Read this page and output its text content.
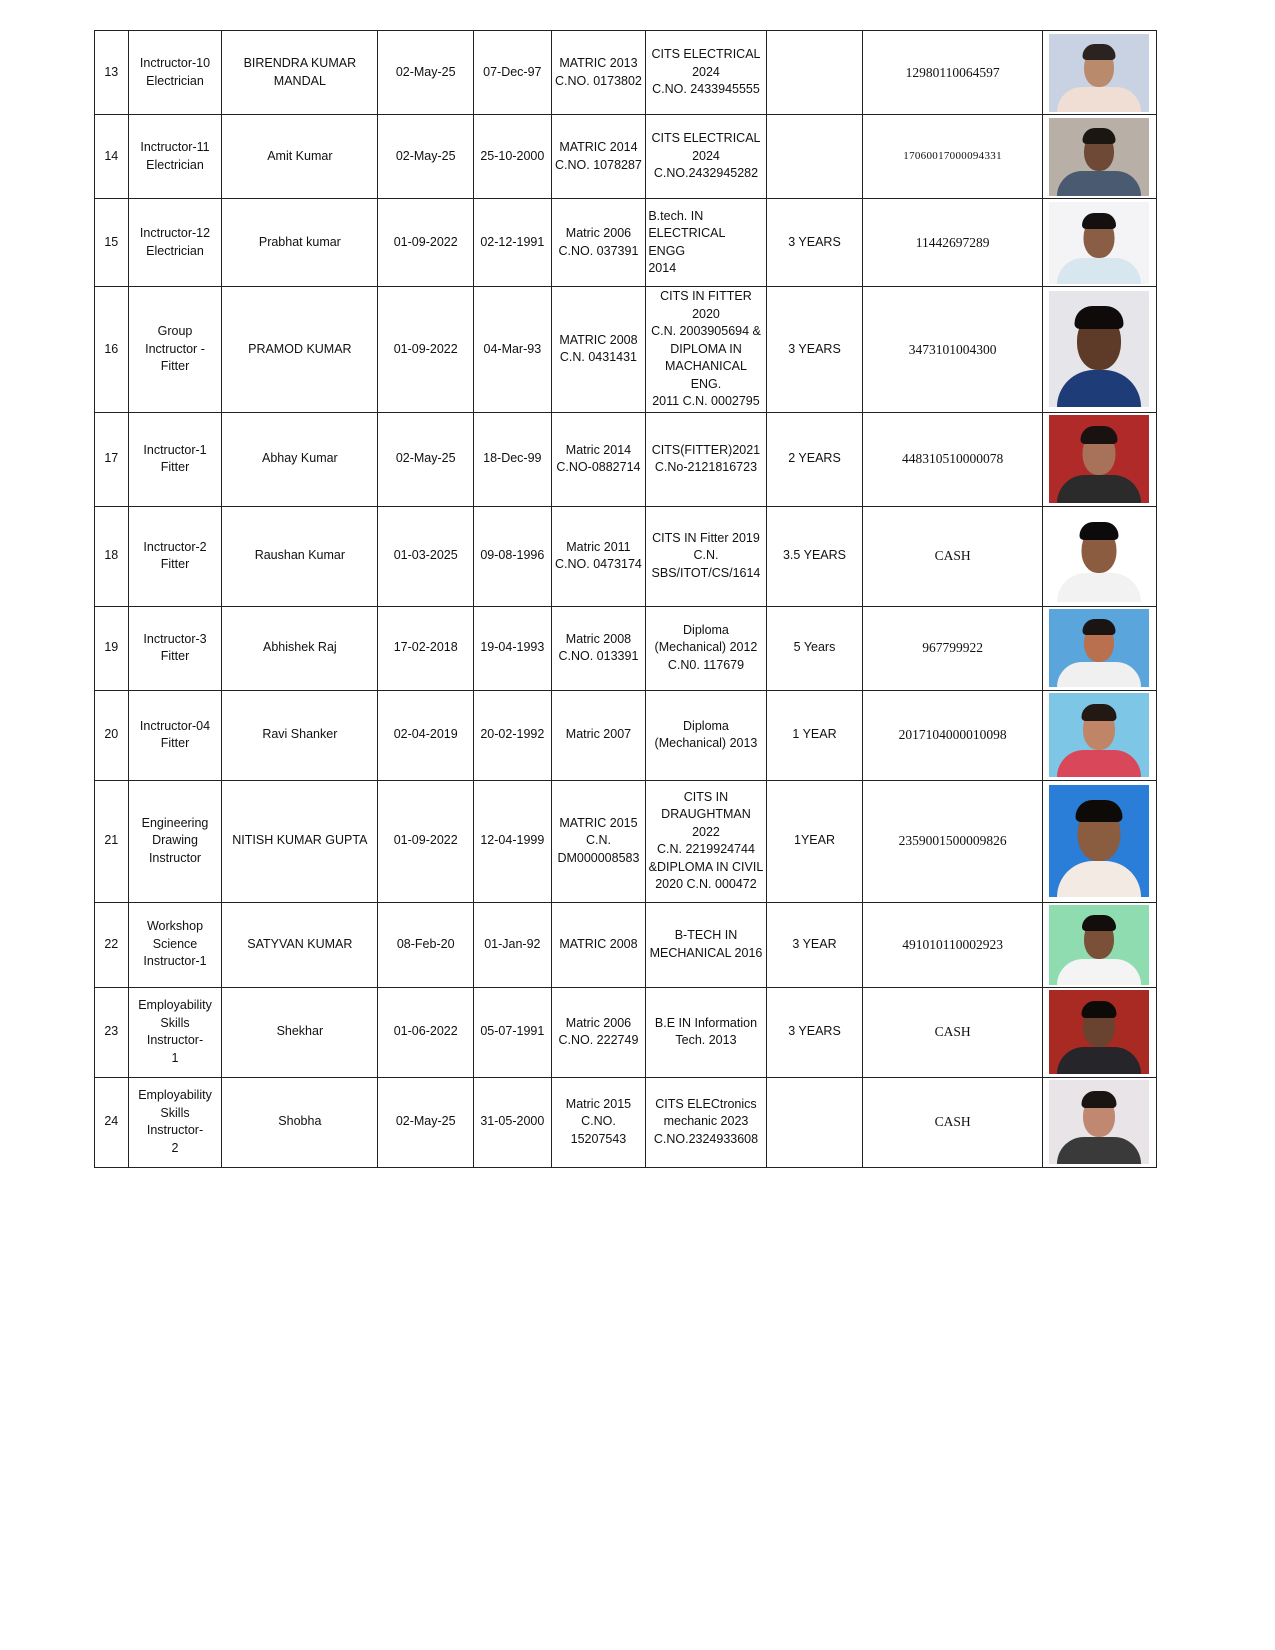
13	Inctructor-10
Electrician	BIRENDRA KUMAR
MANDAL	02-May-25	07-Dec-97	MATRIC 2013
C.NO. 0173802	CITS ELECTRICAL
2024
C.NO. 2433945555		12980110064597	

14	Inctructor-11
Electrician	Amit Kumar	02-May-25	25-10-2000	MATRIC 2014
C.NO. 1078287	CITS ELECTRICAL
2024
C.NO.2432945282		17060017000094331	

15	Inctructor-12
Electrician	Prabhat kumar	01-09-2022	02-12-1991	Matric 2006
C.NO. 037391	B.tech. IN
ELECTRICAL ENGG
2014	3 YEARS	11442697289	

16	Group
Inctructor -
Fitter	PRAMOD KUMAR	01-09-2022	04-Mar-93	MATRIC 2008
C.N. 0431431	CITS IN FITTER 2020
C.N. 2003905694 &
DIPLOMA IN
MACHANICAL ENG.
2011 C.N. 0002795	3 YEARS	3473101004300	

17	Inctructor-1
Fitter	Abhay Kumar	02-May-25	18-Dec-99	Matric 2014
C.NO-0882714	CITS(FITTER)2021
C.No-2121816723	2 YEARS	448310510000078	

18	Inctructor-2
Fitter	Raushan Kumar	01-03-2025	09-08-1996	Matric 2011
C.NO. 0473174	CITS IN Fitter 2019
C.N.
SBS/ITOT/CS/1614	3.5 YEARS	CASH	

19	Inctructor-3
Fitter	Abhishek Raj	17-02-2018	19-04-1993	Matric 2008
C.NO. 013391	Diploma
(Mechanical) 2012
C.N0. 117679	5 Years	967799922	

20	Inctructor-04
Fitter	Ravi Shanker	02-04-2019	20-02-1992	Matric 2007	Diploma
(Mechanical) 2013	1 YEAR	2017104000010098	

21	Engineering
Drawing
Instructor	NITISH KUMAR GUPTA	01-09-2022	12-04-1999	MATRIC 2015
C.N.
DM000008583	CITS IN
DRAUGHTMAN 2022
C.N. 2219924744
&DIPLOMA IN CIVIL
2020 C.N. 000472	1YEAR	2359001500009826	

22	Workshop
Science
Instructor-1	SATYVAN KUMAR	08-Feb-20	01-Jan-92	MATRIC 2008	B-TECH IN
MECHANICAL 2016	3 YEAR	491010110002923	

23	Employability
Skills Instructor-
1	Shekhar	01-06-2022	05-07-1991	Matric 2006
C.NO. 222749	B.E IN Information
Tech. 2013	3 YEARS	CASH	

24	Employability
Skills Instructor-
2	Shobha	02-May-25	31-05-2000	Matric 2015
C.NO. 15207543	CITS ELECtronics
mechanic 2023
C.NO.2324933608		CASH	
